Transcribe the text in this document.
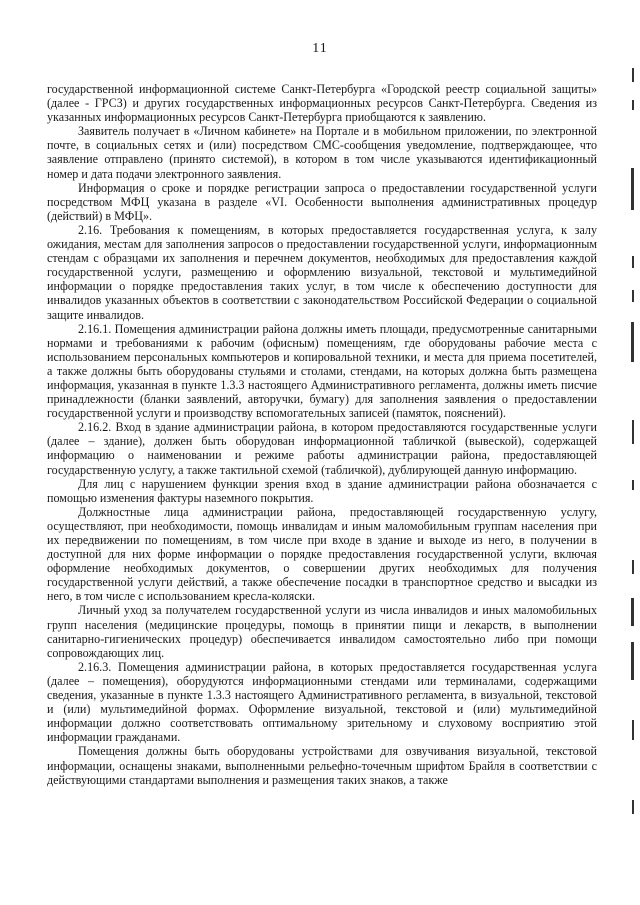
11

государственной информационной системе Санкт-Петербурга «Городской реестр социальной защиты» (далее - ГРСЗ) и других государственных информационных ресурсов Санкт-Петербурга. Сведения из указанных информационных ресурсов Санкт-Петербурга приобщаются к заявлению.

Заявитель получает в «Личном кабинете» на Портале и в мобильном приложении, по электронной почте, в социальных сетях и (или) посредством СМС-сообщения уведомление, подтверждающее, что заявление отправлено (принято системой), в котором в том числе указываются идентификационный номер и дата подачи электронного заявления.

Информация о сроке и порядке регистрации запроса о предоставлении государственной услуги посредством МФЦ указана в разделе «VI. Особенности выполнения административных процедур (действий) в МФЦ».

2.16. Требования к помещениям, в которых предоставляется государственная услуга, к залу ожидания, местам для заполнения запросов о предоставлении государственной услуги, информационным стендам с образцами их заполнения и перечнем документов, необходимых для предоставления каждой государственной услуги, размещению и оформлению визуальной, текстовой и мультимедийной информации о порядке предоставления таких услуг, в том числе к обеспечению доступности для инвалидов указанных объектов в соответствии с законодательством Российской Федерации о социальной защите инвалидов.

2.16.1. Помещения администрации района должны иметь площади, предусмотренные санитарными нормами и требованиями к рабочим (офисным) помещениям, где оборудованы рабочие места с использованием персональных компьютеров и копировальной техники, и места для приема посетителей, а также должны быть оборудованы стульями и столами, стендами, на которых должна быть размещена информация, указанная в пункте 1.3.3 настоящего Административного регламента, должны иметь писчие принадлежности (бланки заявлений, авторучки, бумагу) для заполнения заявления о предоставлении государственной услуги и производству вспомогательных записей (памяток, пояснений).

2.16.2. Вход в здание администрации района, в котором предоставляются государственные услуги (далее – здание), должен быть оборудован информационной табличкой (вывеской), содержащей информацию о наименовании и режиме работы администрации района, предоставляющей государственную услугу, а также тактильной схемой (табличкой), дублирующей данную информацию.

Для лиц с нарушением функции зрения вход в здание администрации района обозначается с помощью изменения фактуры наземного покрытия.

Должностные лица администрации района, предоставляющей государственную услугу, осуществляют, при необходимости, помощь инвалидам и иным маломобильным группам населения при их передвижении по помещениям, в том числе при входе в здание и выходе из него, в получении в доступной для них форме информации о порядке предоставления государственной услуги, включая оформление необходимых документов, о совершении других необходимых для получения государственной услуги действий, а также обеспечение посадки в транспортное средство и высадки из него, в том числе с использованием кресла-коляски.

Личный уход за получателем государственной услуги из числа инвалидов и иных маломобильных групп населения (медицинские процедуры, помощь в принятии пищи и лекарств, в выполнении санитарно-гигиенических процедур) обеспечивается инвалидом самостоятельно либо при помощи сопровождающих лиц.

2.16.3. Помещения администрации района, в которых предоставляется государственная услуга (далее – помещения), оборудуются информационными стендами или терминалами, содержащими сведения, указанные в пункте 1.3.3 настоящего Административного регламента, в визуальной, текстовой и (или) мультимедийной формах. Оформление визуальной, текстовой и (или) мультимедийной информации должно соответствовать оптимальному зрительному и слуховому восприятию этой информации гражданами.

Помещения должны быть оборудованы устройствами для озвучивания визуальной, текстовой информации, оснащены знаками, выполненными рельефно-точечным шрифтом Брайля в соответствии с действующими стандартами выполнения и размещения таких знаков, а также
